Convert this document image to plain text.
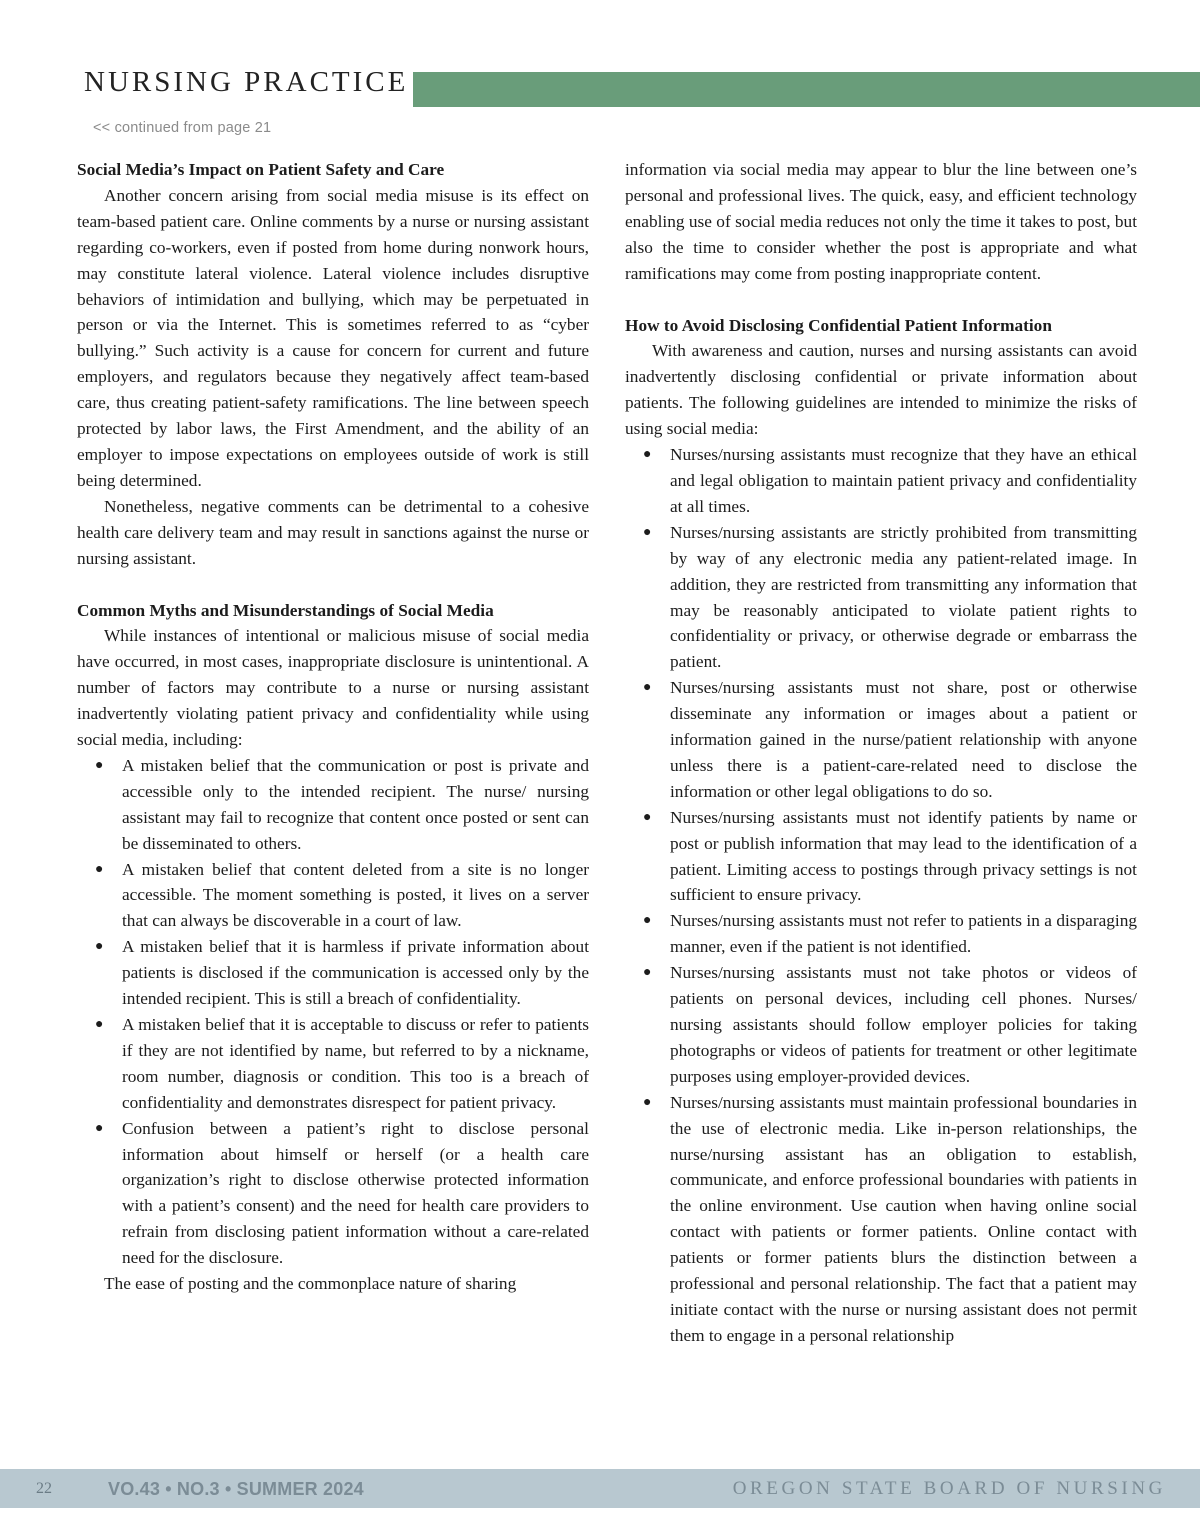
NURSING PRACTICE
<< continued from page 21
Social Media’s Impact on Patient Safety and Care

Another concern arising from social media misuse is its effect on team-based patient care. Online comments by a nurse or nursing assistant regarding co-workers, even if posted from home during nonwork hours, may constitute lateral violence. Lateral violence includes disruptive behaviors of intimidation and bullying, which may be perpetuated in person or via the Internet. This is sometimes referred to as “cyber bullying.” Such activity is a cause for concern for current and future employers, and regulators because they negatively affect team-based care, thus creating patient-safety ramifications. The line between speech protected by labor laws, the First Amendment, and the ability of an employer to impose expectations on employees outside of work is still being determined.

Nonetheless, negative comments can be detrimental to a cohesive health care delivery team and may result in sanctions against the nurse or nursing assistant.

Common Myths and Misunderstandings of Social Media

While instances of intentional or malicious misuse of social media have occurred, in most cases, inappropriate disclosure is unintentional. A number of factors may contribute to a nurse or nursing assistant inadvertently violating patient privacy and confidentiality while using social media, including:

● A mistaken belief that the communication or post is private and accessible only to the intended recipient. The nurse/ nursing assistant may fail to recognize that content once posted or sent can be disseminated to others.
● A mistaken belief that content deleted from a site is no longer accessible. The moment something is posted, it lives on a server that can always be discoverable in a court of law.
● A mistaken belief that it is harmless if private information about patients is disclosed if the communication is accessed only by the intended recipient. This is still a breach of confidentiality.
● A mistaken belief that it is acceptable to discuss or refer to patients if they are not identified by name, but referred to by a nickname, room number, diagnosis or condition. This too is a breach of confidentiality and demonstrates disrespect for patient privacy.
● Confusion between a patient’s right to disclose personal information about himself or herself (or a health care organization’s right to disclose otherwise protected information with a patient’s consent) and the need for health care providers to refrain from disclosing patient information without a care-related need for the disclosure.

The ease of posting and the commonplace nature of sharing

information via social media may appear to blur the line between one’s personal and professional lives. The quick, easy, and efficient technology enabling use of social media reduces not only the time it takes to post, but also the time to consider whether the post is appropriate and what ramifications may come from posting inappropriate content.

How to Avoid Disclosing Confidential Patient Information

With awareness and caution, nurses and nursing assistants can avoid inadvertently disclosing confidential or private information about patients. The following guidelines are intended to minimize the risks of using social media:

● Nurses/nursing assistants must recognize that they have an ethical and legal obligation to maintain patient privacy and confidentiality at all times.
● Nurses/nursing assistants are strictly prohibited from transmitting by way of any electronic media any patient-related image. In addition, they are restricted from transmitting any information that may be reasonably anticipated to violate patient rights to confidentiality or privacy, or otherwise degrade or embarrass the patient.
● Nurses/nursing assistants must not share, post or otherwise disseminate any information or images about a patient or information gained in the nurse/patient relationship with anyone unless there is a patient-care-related need to disclose the information or other legal obligations to do so.
● Nurses/nursing assistants must not identify patients by name or post or publish information that may lead to the identification of a patient. Limiting access to postings through privacy settings is not sufficient to ensure privacy.
● Nurses/nursing assistants must not refer to patients in a disparaging manner, even if the patient is not identified.
● Nurses/nursing assistants must not take photos or videos of patients on personal devices, including cell phones. Nurses/ nursing assistants should follow employer policies for taking photographs or videos of patients for treatment or other legitimate purposes using employer-provided devices.
● Nurses/nursing assistants must maintain professional boundaries in the use of electronic media. Like in-person relationships, the nurse/nursing assistant has an obligation to establish, communicate, and enforce professional boundaries with patients in the online environment. Use caution when having online social contact with patients or former patients. Online contact with patients or former patients blurs the distinction between a professional and personal relationship. The fact that a patient may initiate contact with the nurse or nursing assistant does not permit them to engage in a personal relationship
22	VO.43 • NO.3 • SUMMER 2024	OREGON STATE BOARD OF NURSING
